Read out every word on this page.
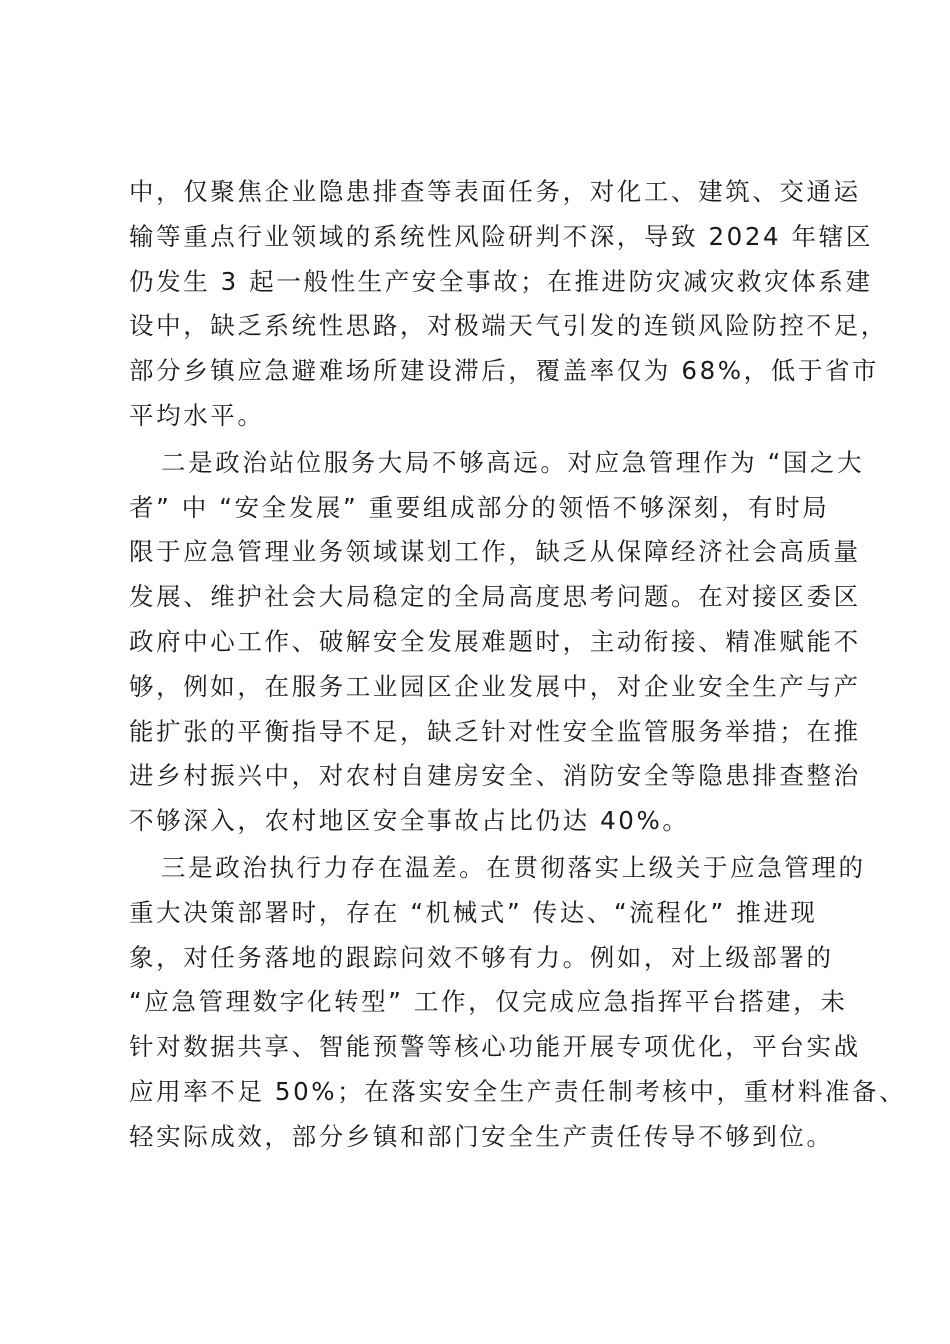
中，仅聚焦企业隐患排查等表面任务，对化工、建筑、交通运
输等重点行业领域的系统性风险研判不深，导致 2024 年辖区
仍发生 3 起一般性生产安全事故；在推进防灾减灾救灾体系建
设中，缺乏系统性思路，对极端天气引发的连锁风险防控不足，
部分乡镇应急避难场所建设滞后，覆盖率仅为 68%，低于省市
平均水平。

二是政治站位服务大局不够高远。对应急管理作为 “国之大
者” 中 “安全发展” 重要组成部分的领悟不够深刻，有时局
限于应急管理业务领域谋划工作，缺乏从保障经济社会高质量
发展、维护社会大局稳定的全局高度思考问题。在对接区委区
政府中心工作、破解安全发展难题时，主动衔接、精准赋能不
够，例如，在服务工业园区企业发展中，对企业安全生产与产
能扩张的平衡指导不足，缺乏针对性安全监管服务举措；在推
进乡村振兴中，对农村自建房安全、消防安全等隐患排查整治
不够深入，农村地区安全事故占比仍达 40%。

三是政治执行力存在温差。在贯彻落实上级关于应急管理的
重大决策部署时，存在 “机械式” 传达、“流程化” 推进现
象，对任务落地的跟踪问效不够有力。例如，对上级部署的
“应急管理数字化转型” 工作，仅完成应急指挥平台搭建，未
针对数据共享、智能预警等核心功能开展专项优化，平台实战
应用率不足 50%；在落实安全生产责任制考核中，重材料准备、
轻实际成效，部分乡镇和部门安全生产责任传导不够到位。
